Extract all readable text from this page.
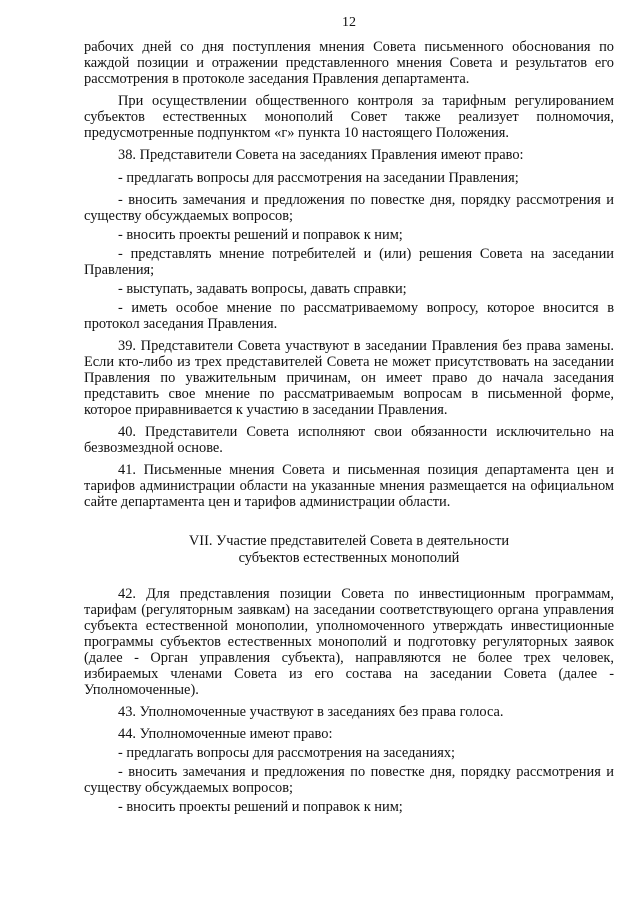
12

рабочих дней со дня поступления мнения Совета письменного обоснования по каждой позиции и отражении представленного мнения Совета и результатов его рассмотрения в протоколе заседания Правления департамента.

При осуществлении общественного контроля за тарифным регулированием субъектов естественных монополий Совет также реализует полномочия, предусмотренные подпунктом «г» пункта 10 настоящего Положения.

38. Представители Совета на заседаниях Правления имеют право:

- предлагать вопросы для рассмотрения на заседании Правления;

- вносить замечания и предложения по повестке дня, порядку рассмотрения и существу обсуждаемых вопросов;

- вносить проекты решений и поправок к ним;

- представлять мнение потребителей и (или) решения Совета на заседании Правления;

- выступать, задавать вопросы, давать справки;

- иметь особое мнение по рассматриваемому вопросу, которое вносится в протокол заседания Правления.

39. Представители Совета участвуют в заседании Правления без права замены. Если кто-либо из трех представителей Совета не может присутствовать на заседании Правления по уважительным причинам, он имеет право до начала заседания представить свое мнение по рассматриваемым вопросам в письменной форме, которое приравнивается к участию в заседании Правления.

40. Представители Совета исполняют свои обязанности исключительно на безвозмездной основе.

41. Письменные мнения Совета и письменная позиция департамента цен и тарифов администрации области на указанные мнения размещается на официальном сайте департамента цен и тарифов администрации области.

VII. Участие представителей Совета в деятельности
субъектов естественных монополий

42. Для представления позиции Совета по инвестиционным программам, тарифам (регуляторным заявкам) на заседании соответствующего органа управления субъекта естественной монополии, уполномоченного утверждать инвестиционные программы субъектов естественных монополий и подготовку регуляторных заявок (далее - Орган управления субъекта), направляются не более трех человек, избираемых членами Совета из его состава на заседании Совета (далее - Уполномоченные).

43. Уполномоченные участвуют в заседаниях без права голоса.

44. Уполномоченные имеют право:

- предлагать вопросы для рассмотрения на заседаниях;

- вносить замечания и предложения по повестке дня, порядку рассмотрения и существу обсуждаемых вопросов;

- вносить проекты решений и поправок к ним;
